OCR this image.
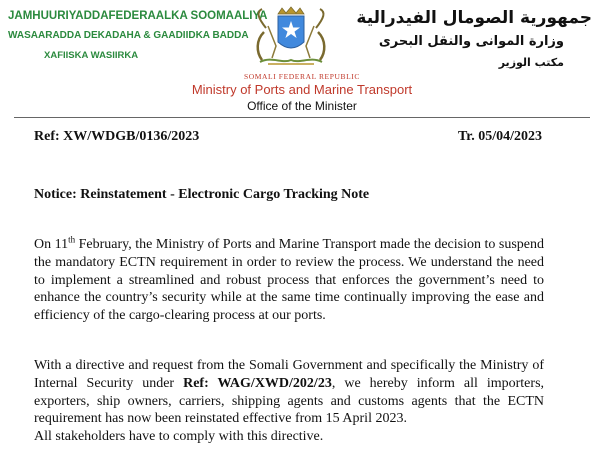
JAMHUURIYADDAFEDERAALKA SOOMAALIYA
WASAARADDA DEKADAHA & GAADIIDKA BADDA
XAFIISKA WASIIRKA
جمهورية الصومال الفيدرالية
وزارة الموانى والنقل البحرى
مكتب الوزير
SOMALI FEDERAL REPUBLIC
Ministry of Ports and Marine Transport
Office of the Minister
Ref: XW/WDGB/0136/2023	Tr. 05/04/2023
Notice: Reinstatement - Electronic Cargo Tracking Note
On 11th February, the Ministry of Ports and Marine Transport made the decision to suspend the mandatory ECTN requirement in order to review the process. We understand the need to implement a streamlined and robust process that enforces the government’s need to enhance the country’s security while at the same time continually improving the ease and efficiency of the cargo-clearing process at our ports.
With a directive and request from the Somali Government and specifically the Ministry of Internal Security under Ref: WAG/XWD/202/23, we hereby inform all importers, exporters, ship owners, carriers, shipping agents and customs agents that the ECTN requirement has now been reinstated effective from 15 April 2023.
All stakeholders have to comply with this directive.
